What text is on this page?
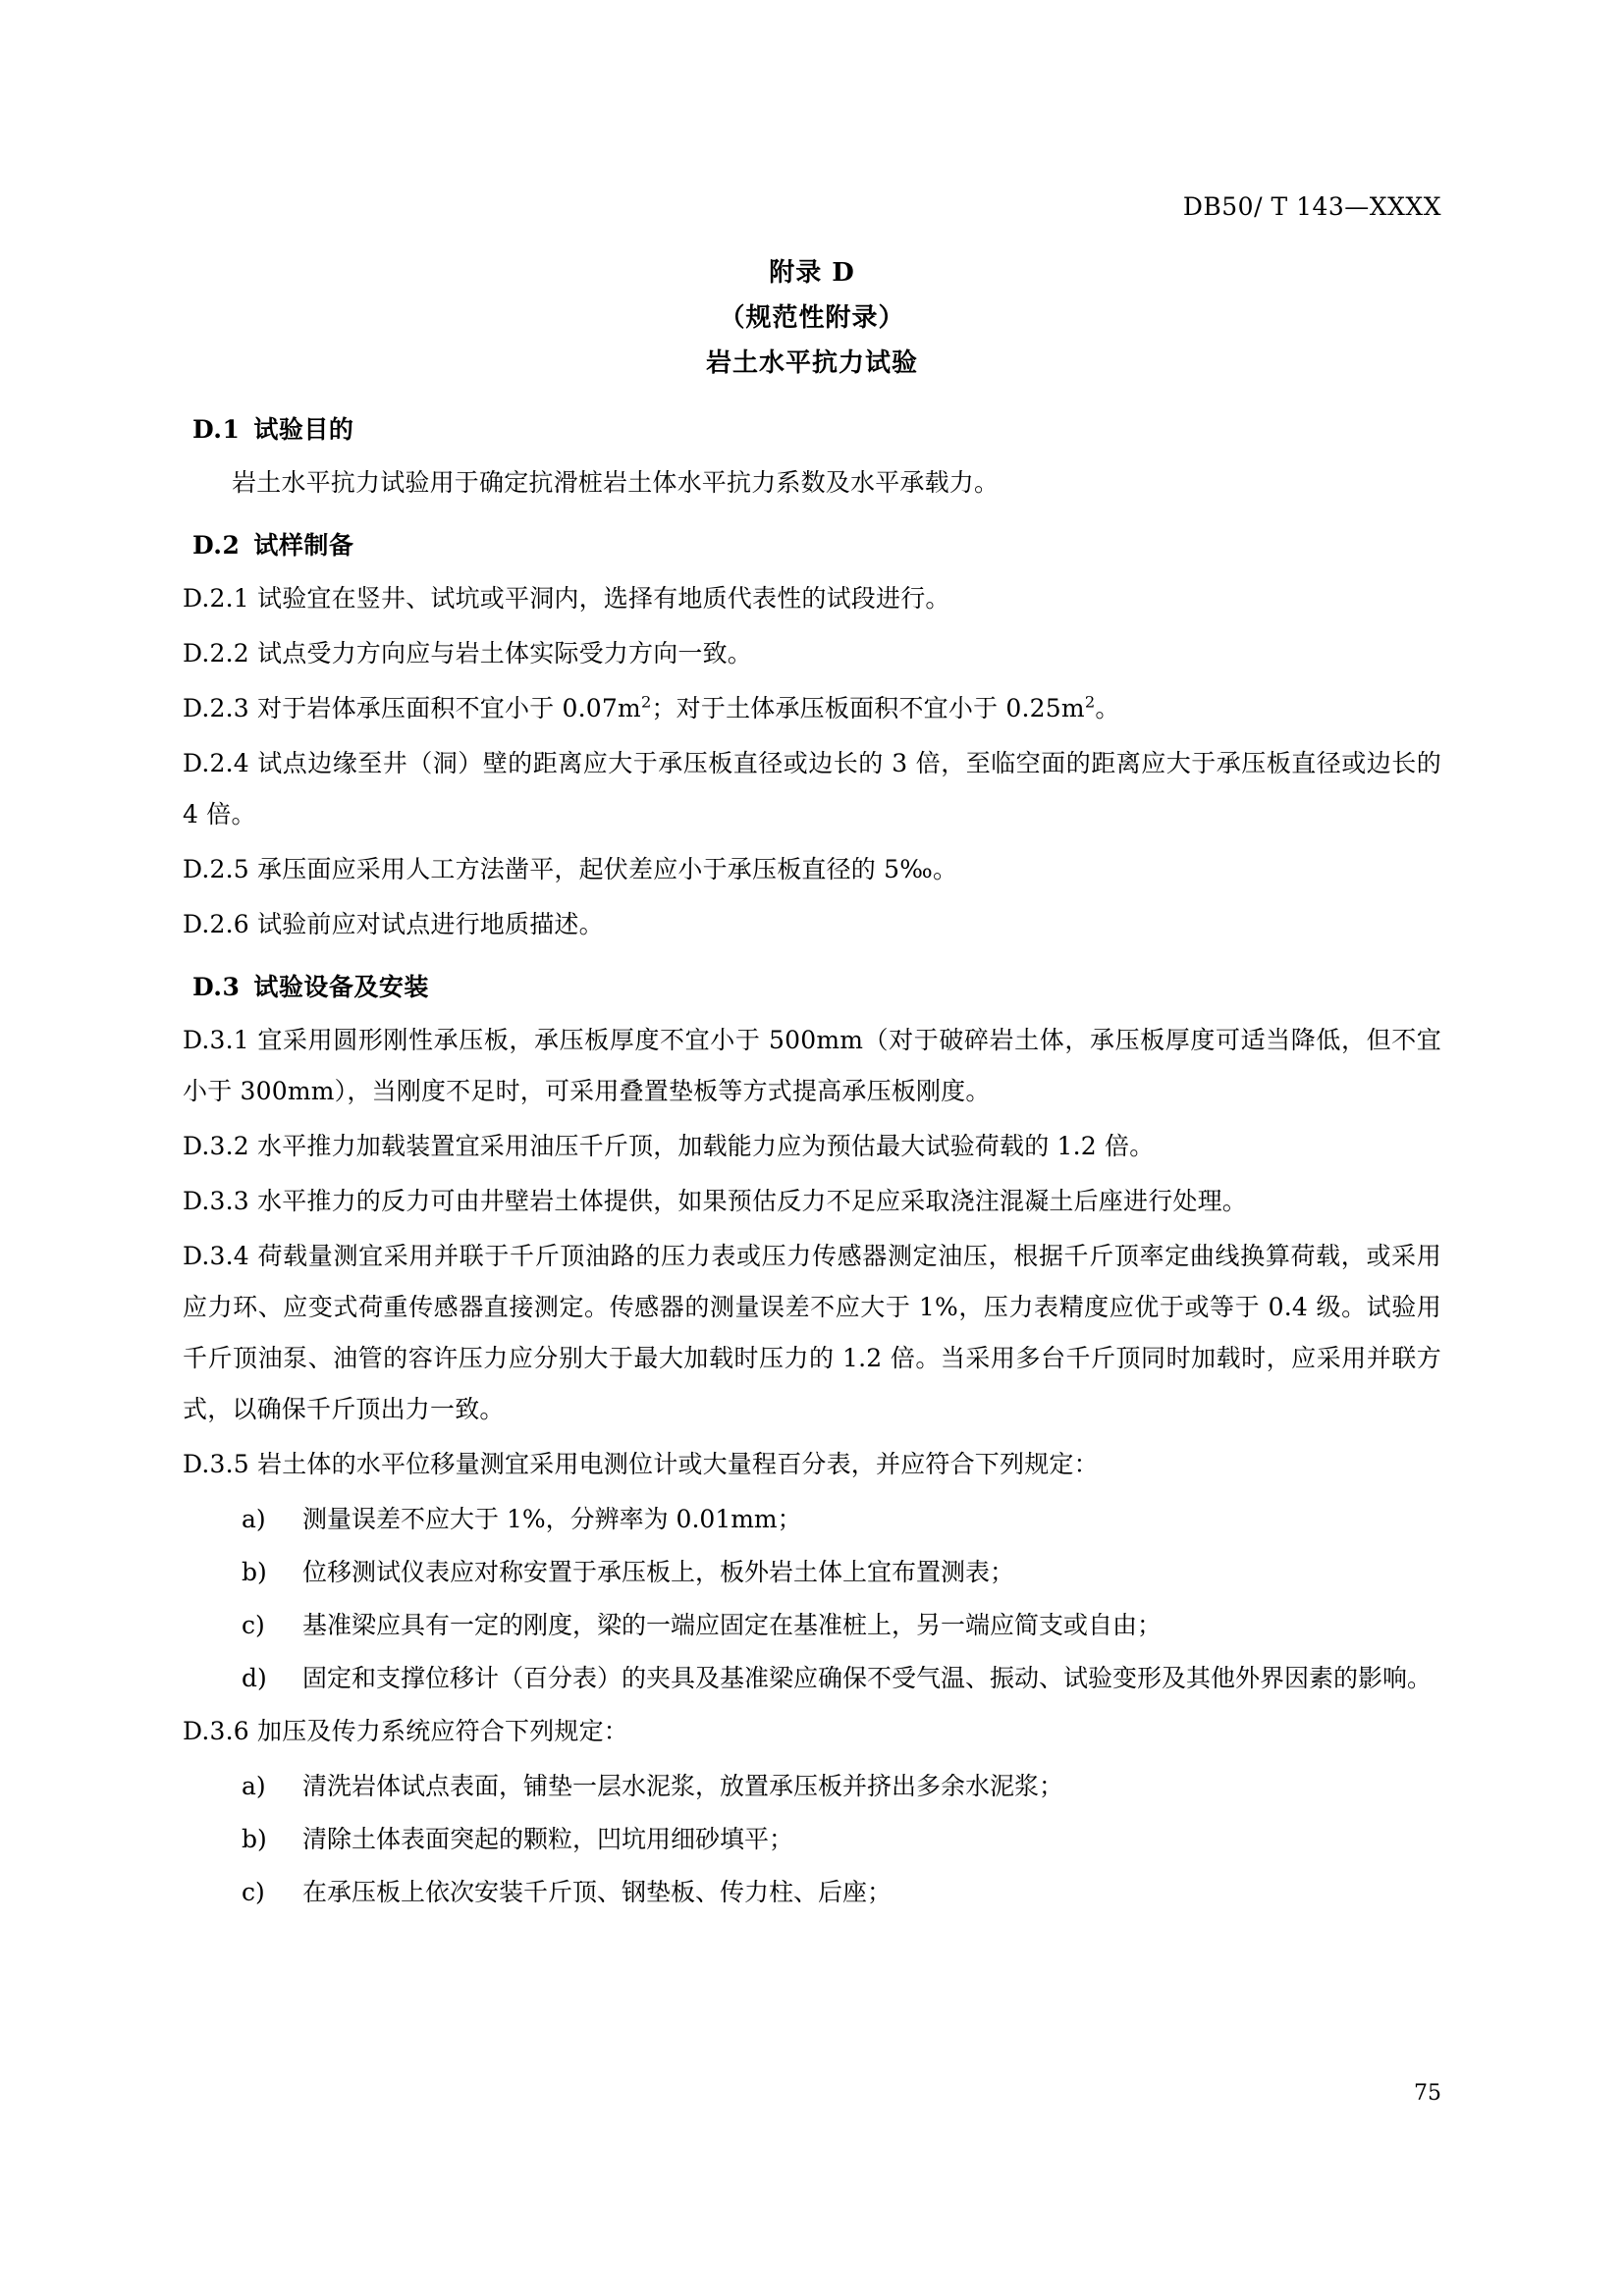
DB50/ T 143—XXXX
附录 D
（规范性附录）
岩土水平抗力试验
D.1 试验目的

岩土水平抗力试验用于确定抗滑桩岩土体水平抗力系数及水平承载力。

D.2 试样制备

D.2.1 试验宜在竖井、试坑或平洞内，选择有地质代表性的试段进行。

D.2.2 试点受力方向应与岩土体实际受力方向一致。

D.2.3 对于岩体承压面积不宜小于 $0.07m^2$；对于土体承压板面积不宜小于 $0.25m^2$。

D.2.4 试点边缘至井（洞）壁的距离应大于承压板直径或边长的 3 倍，至临空面的距离应大于承压板直径或边长的 4 倍。

D.2.5 承压面应采用人工方法凿平，起伏差应小于承压板直径的 5‰。

D.2.6 试验前应对试点进行地质描述。

D.3 试验设备及安装

D.3.1 宜采用圆形刚性承压板，承压板厚度不宜小于 500mm（对于破碎岩土体，承压板厚度可适当降低，但不宜小于 300mm），当刚度不足时，可采用叠置垫板等方式提高承压板刚度。

D.3.2 水平推力加载装置宜采用油压千斤顶，加载能力应为预估最大试验荷载的 1.2 倍。

D.3.3 水平推力的反力可由井壁岩土体提供，如果预估反力不足应采取浇注混凝土后座进行处理。

D.3.4 荷载量测宜采用并联于千斤顶油路的压力表或压力传感器测定油压，根据千斤顶率定曲线换算荷载，或采用应力环、应变式荷重传感器直接测定。传感器的测量误差不应大于 1%，压力表精度应优于或等于 0.4 级。试验用千斤顶油泵、油管的容许压力应分别大于最大加载时压力的 1.2 倍。当采用多台千斤顶同时加载时，应采用并联方式，以确保千斤顶出力一致。

D.3.5 岩土体的水平位移量测宜采用电测位计或大量程百分表，并应符合下列规定：

a)	测量误差不应大于 1%，分辨率为 0.01mm；
b)	位移测试仪表应对称安置于承压板上，板外岩土体上宜布置测表；
c)	基准梁应具有一定的刚度，梁的一端应固定在基准桩上，另一端应简支或自由；
d)	固定和支撑位移计（百分表）的夹具及基准梁应确保不受气温、振动、试验变形及其他外界因素的影响。

D.3.6 加压及传力系统应符合下列规定：

a)	清洗岩体试点表面，铺垫一层水泥浆，放置承压板并挤出多余水泥浆；
b)	清除土体表面突起的颗粒，凹坑用细砂填平；
c)	在承压板上依次安装千斤顶、钢垫板、传力柱、后座；
75
